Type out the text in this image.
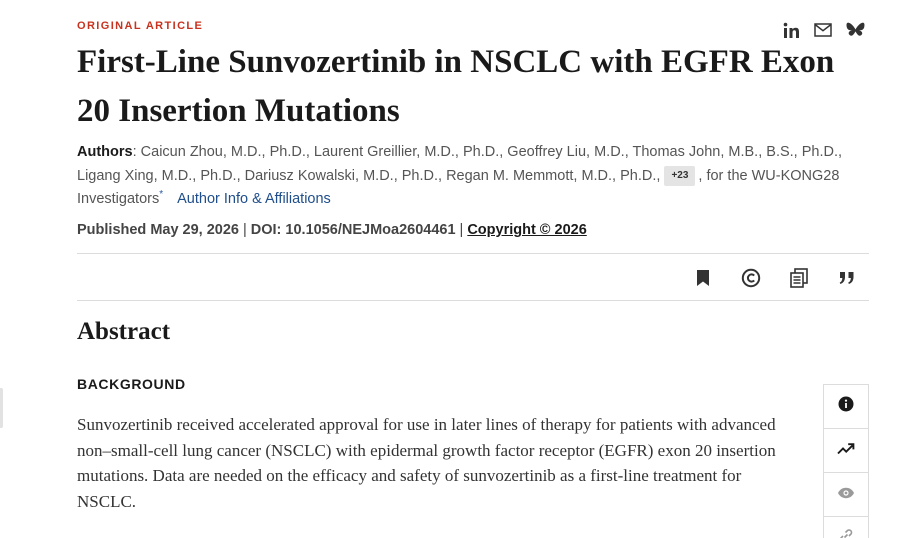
ORIGINAL ARTICLE
First-Line Sunvozertinib in NSCLC with EGFR Exon 20 Insertion Mutations
Authors: Caicun Zhou, M.D., Ph.D., Laurent Greillier, M.D., Ph.D., Geoffrey Liu, M.D., Thomas John, M.B., B.S., Ph.D., Ligang Xing, M.D., Ph.D., Dariusz Kowalski, M.D., Ph.D., Regan M. Memmott, M.D., Ph.D., +23 , for the WU-KONG28 Investigators* Author Info & Affiliations
Published May 29, 2026 | DOI: 10.1056/NEJMoa2604461 | Copyright © 2026
Abstract
BACKGROUND

Sunvozertinib received accelerated approval for use in later lines of therapy for patients with advanced non–small-cell lung cancer (NSCLC) with epidermal growth factor receptor (EGFR) exon 20 insertion mutations. Data are needed on the efficacy and safety of sunvozertinib as a first-line treatment for NSCLC.
